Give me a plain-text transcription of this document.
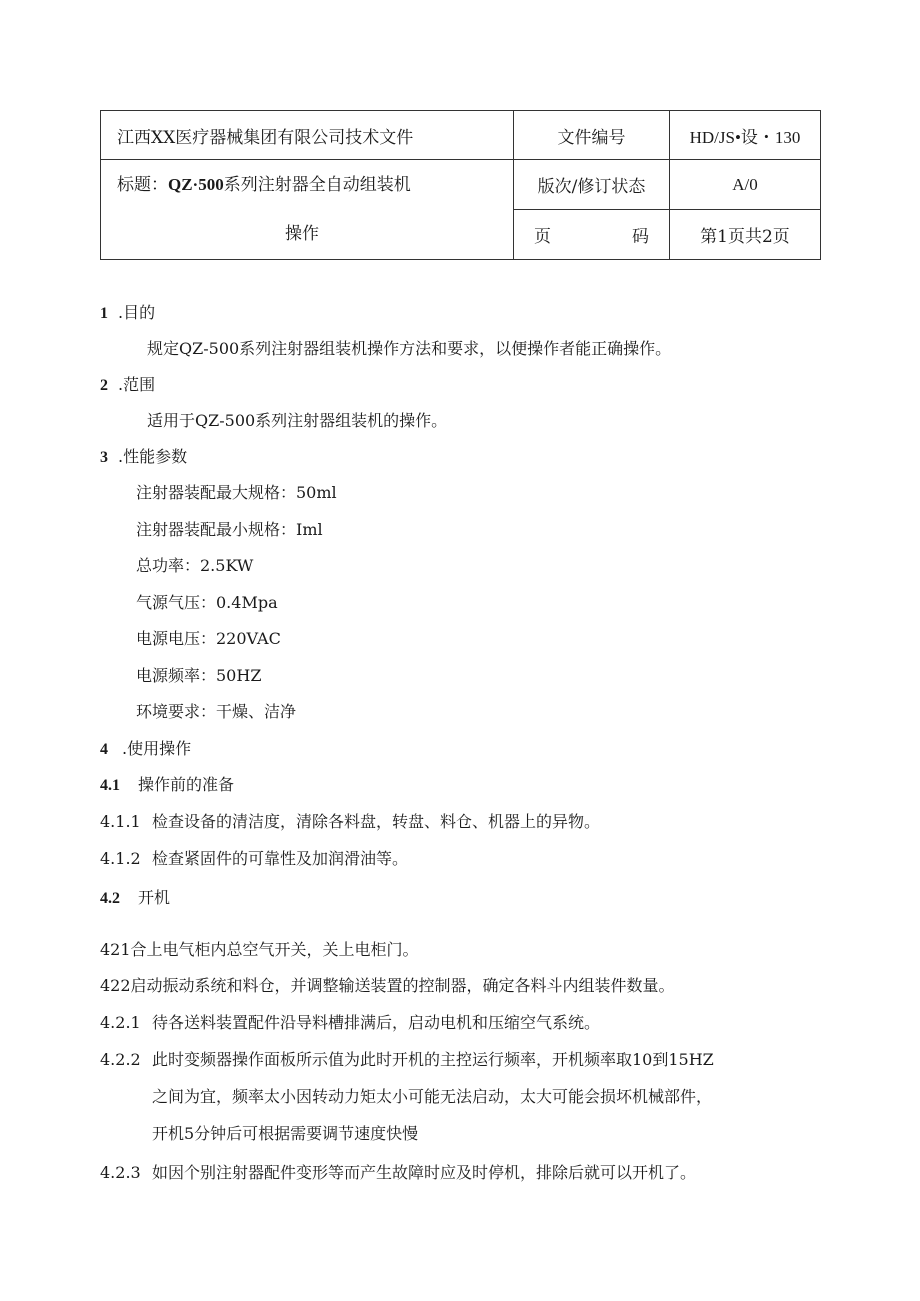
江西XX医疗器械集团有限公司技术文件	文件编号	HD/JS•设・130

标题：QZ·500系列注射器全自动组装机
操作	版次/修订状态	A/0

	页 码	第1页共2页
1 .目的
规定QZ-500系列注射器组装机操作方法和要求，以便操作者能正确操作。
2 .范围
适用于QZ-500系列注射器组装机的操作。
3 .性能参数
注射器装配最大规格：50ml
注射器装配最小规格：Iml
总功率：2.5KW
气源气压：0.4Mpa
电源电压：220VAC
电源频率：50HZ
环境要求：干燥、洁净
4 .使用操作
4.1 操作前的准备
4.1.1 检查设备的清洁度，清除各料盘，转盘、料仓、机器上的异物。
4.1.2 检查紧固件的可靠性及加润滑油等。
4.2 开机
421合上电气柜内总空气开关，关上电柜门。
422启动振动系统和料仓，并调整输送装置的控制器，确定各料斗内组装件数量。
4.2.1 待各送料装置配件沿导料槽排满后，启动电机和压缩空气系统。
4.2.2 此时变频器操作面板所示值为此时开机的主控运行频率，开机频率取10到15HZ
之间为宜，频率太小因转动力矩太小可能无法启动，太大可能会损坏机械部件，
开机5分钟后可根据需要调节速度快慢
4.2.3 如因个别注射器配件变形等而产生故障时应及时停机，排除后就可以开机了。
